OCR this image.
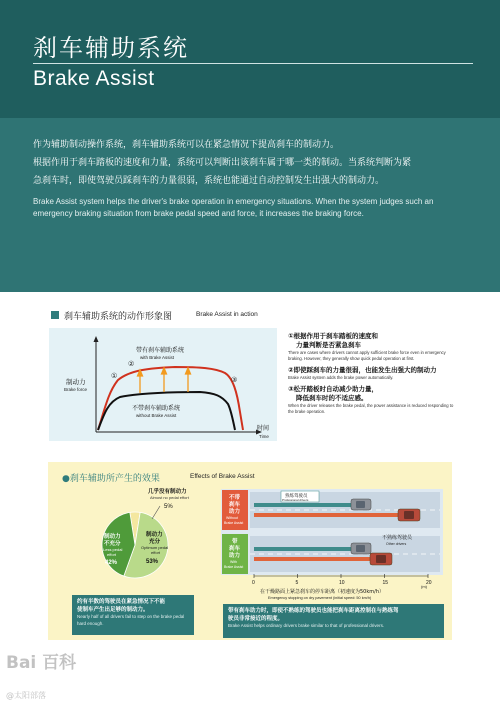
刹车辅助系统
Brake Assist
作为辅助制动操作系统，刹车辅助系统可以在紧急情况下提高刹车的制动力。
根据作用于刹车踏板的速度和力量，系统可以判断出该刹车属于哪一类的制动。当系统判断为紧
急刹车时，即使驾驶员踩刹车的力量很弱，系统也能通过自动控制发生出强大的制动力。
Brake Assist system helps the driver's brake operation in emergency situations. When the system judges such an emergency braking situation from brake pedal speed and force, it increases the braking force.
刹车辅助系统的动作形象图	Brake Assist in action
带有刹车辅助系统
with Brake Assist
不带刹车辅助系统
without Brake Assist
制动力
Brake force
时间
Time
①
②
③
①根据作用于刹车踏板的速度和
力量判断是否紧急刹车
There are cases where drivers cannot apply sufficient brake force even in emergency braking. However, they generally show quick pedal operation at first.
②即使踩刹车的力量很弱，也能发生出强大的制动力
Brake Assist system adds the brake power automatically.
③松开踏板时自动减少助力量，
降低刹车时的不适应感。
When the driver releases the brake pedal, the power assistance is reduced responding to the brake operation.
●刹车辅助所产生的效果	Effects of Brake Assist
几乎没有制动力
Almost no pedal effort
5%
制动力
不充分
Less pedal
effort
42%
制动力
充分
Optimum pedal
effort
53%
不带
刹车
助力
带
刹车
助力
Without
Brake Assist
With
Brake Assist
熟练驾驶员
Professional drivers
不熟练驾驶员
Other drivers
0	5	10	15	20
(m)
在干燥路面上紧急刹车的停车距离（初速度为50km/h）
Emergency stopping on dry pavement (initial speed: 50 km/h)
约有半数的驾驶员在紧急情况下不能
使制车产生出足够的制动力。
Nearly half of all drivers fail to step on the brake pedal hard enough.
带有刹车助力时，即使不熟练的驾驶员也能把刹车距离控制在与熟练驾
驶员非常接近的程度。
Brake Assist helps ordinary drivers brake similar to that of professional drivers.
Bai 百科
@太阳部落
